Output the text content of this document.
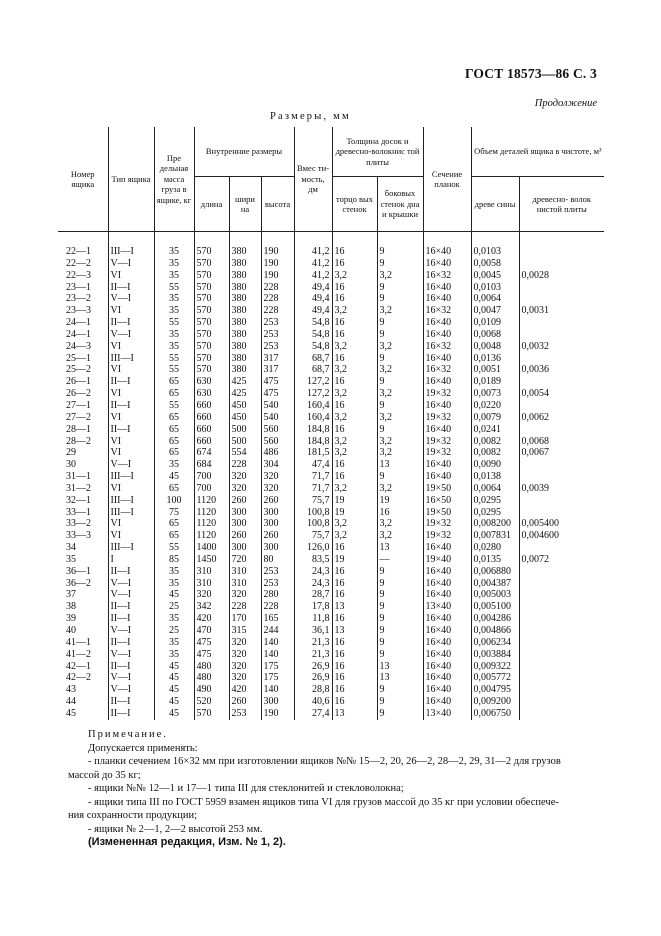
ГОСТ 18573—86 С. 3
Продолжение
Размеры, мм
Номер ящика	Тип ящика	Пре дельная масса груза в ящике, кг	Внутренние размеры			Вмес ти- мость, дм	Толщина досок и древесно-волокнис той плиты		Сечение планок	Объем деталей ящика в чистоте, м³	
			длина	шири на	высота		торцо вых стенок	боковых стенок дна и крышки		древе сины	древесно- волок нистой плиты
22—1	III—I	35	570	380	190	41,2	16	9	16×40	0,0103	
22—2	V—I	35	570	380	190	41,2	16	9	16×40	0,0058	
22—3	VI	35	570	380	190	41,2	3,2	3,2	16×32	0,0045	0,0028
23—1	II—I	55	570	380	228	49,4	16	9	16×40	0,0103	
23—2	V—I	35	570	380	228	49,4	16	9	16×40	0,0064	
23—3	VI	35	570	380	228	49,4	3,2	3,2	16×32	0,0047	0,0031
24—1	II—I	55	570	380	253	54,8	16	9	16×40	0,0109	
24—1	V—I	35	570	380	253	54,8	16	9	16×40	0,0068	
24—3	VI	35	570	380	253	54,8	3,2	3,2	16×32	0,0048	0,0032
25—1	III—I	55	570	380	317	68,7	16	9	16×40	0,0136	
25—2	VI	55	570	380	317	68,7	3,2	3,2	16×32	0,0051	0,0036
26—1	II—I	65	630	425	475	127,2	16	9	16×40	0,0189	
26—2	VI	65	630	425	475	127,2	3,2	3,2	19×32	0,0073	0,0054
27—1	II—I	55	660	450	540	160,4	16	9	16×40	0,0220	
27—2	VI	65	660	450	540	160,4	3,2	3,2	19×32	0,0079	0,0062
28—1	II—I	65	660	500	560	184,8	16	9	16×40	0,0241	
28—2	VI	65	660	500	560	184,8	3,2	3,2	19×32	0,0082	0,0068
29	VI	65	674	554	486	181,5	3,2	3,2	19×32	0,0082	0,0067
30	V—I	35	684	228	304	47,4	16	13	16×40	0,0090	
31—1	III—I	45	700	320	320	71,7	16	9	16×40	0,0138	
31—2	VI	65	700	320	320	71,7	3,2	3,2	19×50	0,0064	0,0039
32—1	III—I	100	1120	260	260	75,7	19	19	16×50	0,0295	
33—1	III—I	75	1120	300	300	100,8	19	16	19×50	0,0295	
33—2	VI	65	1120	300	300	100,8	3,2	3,2	19×32	0,008200	0,005400
33—3	VI	65	1120	260	260	75,7	3,2	3,2	19×32	0,007831	0,004600
34	III—I	55	1400	300	300	126,0	16	13	16×40	0,0280	
35	I	85	1450	720	80	83,5	19	—	19×40	0,0135	0,0072
36—1	II—I	35	310	310	253	24,3	16	9	16×40	0,006880	
36—2	V—I	35	310	310	253	24,3	16	9	16×40	0,004387	
37	V—I	45	320	320	280	28,7	16	9	16×40	0,005003	
38	II—I	25	342	228	228	17,8	13	9	13×40	0,005100	
39	II—I	35	420	170	165	11,8	16	9	16×40	0,004286	
40	V—I	25	470	315	244	36,1	13	9	16×40	0,004866	
41—1	II—I	35	475	320	140	21,3	16	9	16×40	0,006234	
41—2	V—I	35	475	320	140	21,3	16	9	16×40	0,003884	
42—1	II—I	45	480	320	175	26,9	16	13	16×40	0,009322	
42—2	V—I	45	480	320	175	26,9	16	13	16×40	0,005772	
43	V—I	45	490	420	140	28,8	16	9	16×40	0,004795	
44	II—I	45	520	260	300	40,6	16	9	16×40	0,009200	
45	II—I	45	570	253	190	27,4	13	9	13×40	0,006750	

Примечание.

Допускается применять:

- планки сечением 16×32 мм при изготовлении ящиков №№ 15—2, 20, 26—2, 28—2, 29, 31—2 для грузов

массой до 35 кг;

- ящики №№ 12—1 и 17—1 типа III для стеклонитей и стекловолокна;

- ящики типа III по ГОСТ 5959 взамен ящиков типа VI для грузов массой до 35 кг при условии обеспече-

ния сохранности продукции;

- ящики № 2—1, 2—2 высотой 253 мм.

(Измененная редакция, Изм. № 1, 2).
